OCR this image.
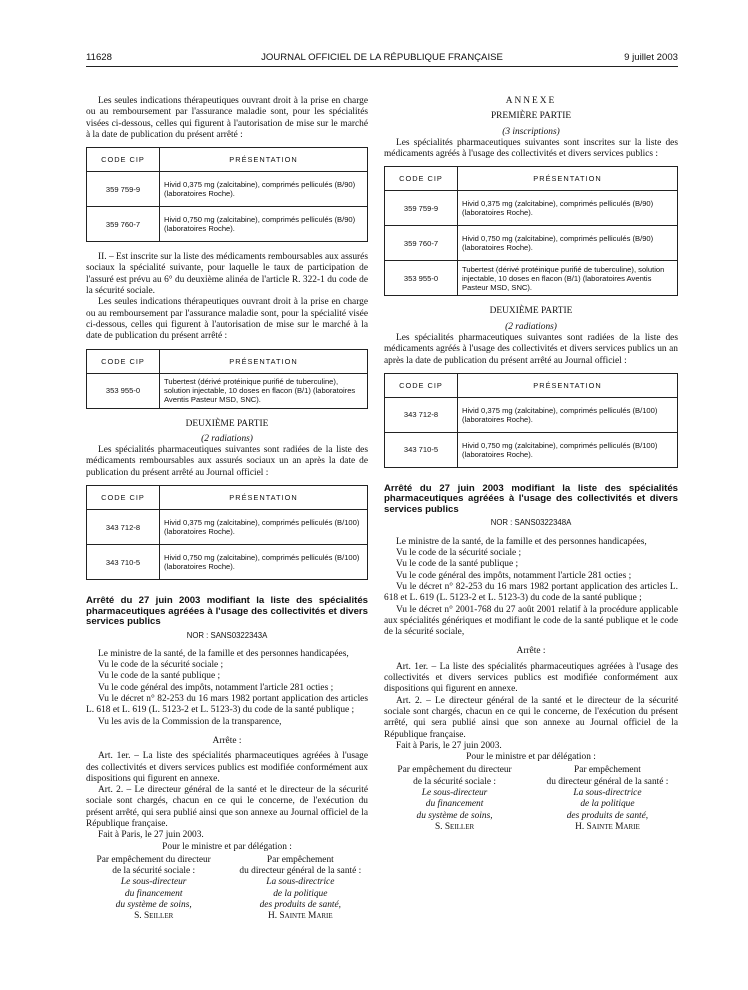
11628	JOURNAL OFFICIEL DE LA RÉPUBLIQUE FRANÇAISE	9 juillet 2003

Les seules indications thérapeutiques ouvrant droit à la prise en charge ou au remboursement par l'assurance maladie sont, pour les spécialités visées ci-dessous, celles qui figurent à l'autorisation de mise sur le marché à la date de publication du présent arrêté :

CODE CIP	PRÉSENTATION
359 759-9	Hivid 0,375 mg (zalcitabine), comprimés pelliculés (B/90) (laboratoires Roche).
359 760-7	Hivid 0,750 mg (zalcitabine), comprimés pelliculés (B/90) (laboratoires Roche).

II. – Est inscrite sur la liste des médicaments remboursables aux assurés sociaux la spécialité suivante, pour laquelle le taux de participation de l'assuré est prévu au 6° du deuxième alinéa de l'article R. 322-1 du code de la sécurité sociale.

Les seules indications thérapeutiques ouvrant droit à la prise en charge ou au remboursement par l'assurance maladie sont, pour la spécialité visée ci-dessous, celles qui figurent à l'autorisation de mise sur le marché à la date de publication du présent arrêté :

CODE CIP	PRÉSENTATION
353 955-0	Tubertest (dérivé protéinique purifié de tuberculine), solution injectable, 10 doses en flacon (B/1) (laboratoires Aventis Pasteur MSD, SNC).

DEUXIÈME PARTIE

(2 radiations)

Les spécialités pharmaceutiques suivantes sont radiées de la liste des médicaments remboursables aux assurés sociaux un an après la date de publication du présent arrêté au Journal officiel :

CODE CIP	PRÉSENTATION
343 712-8	Hivid 0,375 mg (zalcitabine), comprimés pelliculés (B/100) (laboratoires Roche).
343 710-5	Hivid 0,750 mg (zalcitabine), comprimés pelliculés (B/100) (laboratoires Roche).

Arrêté du 27 juin 2003 modifiant la liste des spécialités pharmaceutiques agréées à l'usage des collectivités et divers services publics

NOR : SANS0322343A

Le ministre de la santé, de la famille et des personnes handicapées,

Vu le code de la sécurité sociale ;

Vu le code de la santé publique ;

Vu le code général des impôts, notamment l'article 281 octies ;

Vu le décret n° 82-253 du 16 mars 1982 portant application des articles L. 618 et L. 619 (L. 5123-2 et L. 5123-3) du code de la santé publique ;

Vu les avis de la Commission de la transparence,

Arrête :

Art. 1er. – La liste des spécialités pharmaceutiques agréées à l'usage des collectivités et divers services publics est modifiée conformément aux dispositions qui figurent en annexe.

Art. 2. – Le directeur général de la santé et le directeur de la sécurité sociale sont chargés, chacun en ce qui le concerne, de l'exécution du présent arrêté, qui sera publié ainsi que son annexe au Journal officiel de la République française.

Fait à Paris, le 27 juin 2003.

Pour le ministre et par délégation :

Par empêchement du directeur

de la sécurité sociale :

Le sous-directeur

du financement

du système de soins,

S. Seiller

Par empêchement

du directeur général de la santé :

La sous-directrice

de la politique

des produits de santé,

H. Sainte Marie

ANNEXE

PREMIÈRE PARTIE

(3 inscriptions)

Les spécialités pharmaceutiques suivantes sont inscrites sur la liste des médicaments agréés à l'usage des collectivités et divers services publics :

CODE CIP	PRÉSENTATION
359 759-9	Hivid 0,375 mg (zalcitabine), comprimés pelliculés (B/90) (laboratoires Roche).
359 760-7	Hivid 0,750 mg (zalcitabine), comprimés pelliculés (B/90) (laboratoires Roche).
353 955-0	Tubertest (dérivé protéinique purifié de tuberculine), solution injectable, 10 doses en flacon (B/1) (laboratoires Aventis Pasteur MSD, SNC).

DEUXIÈME PARTIE

(2 radiations)

Les spécialités pharmaceutiques suivantes sont radiées de la liste des médicaments agréés à l'usage des collectivités et divers services publics un an après la date de publication du présent arrêté au Journal officiel :

CODE CIP	PRÉSENTATION
343 712-8	Hivid 0,375 mg (zalcitabine), comprimés pelliculés (B/100) (laboratoires Roche).
343 710-5	Hivid 0,750 mg (zalcitabine), comprimés pelliculés (B/100) (laboratoires Roche).

Arrêté du 27 juin 2003 modifiant la liste des spécialités pharmaceutiques agréées à l'usage des collectivités et divers services publics

NOR : SANS0322348A

Le ministre de la santé, de la famille et des personnes handicapées,

Vu le code de la sécurité sociale ;

Vu le code de la santé publique ;

Vu le code général des impôts, notamment l'article 281 octies ;

Vu le décret n° 82-253 du 16 mars 1982 portant application des articles L. 618 et L. 619 (L. 5123-2 et L. 5123-3) du code de la santé publique ;

Vu le décret n° 2001-768 du 27 août 2001 relatif à la procédure applicable aux spécialités génériques et modifiant le code de la santé publique et le code de la sécurité sociale,

Arrête :

Art. 1er. – La liste des spécialités pharmaceutiques agréées à l'usage des collectivités et divers services publics est modifiée conformément aux dispositions qui figurent en annexe.

Art. 2. – Le directeur général de la santé et le directeur de la sécurité sociale sont chargés, chacun en ce qui le concerne, de l'exécution du présent arrêté, qui sera publié ainsi que son annexe au Journal officiel de la République française.

Fait à Paris, le 27 juin 2003.

Pour le ministre et par délégation :

Par empêchement du directeur

de la sécurité sociale :

Le sous-directeur

du financement

du système de soins,

S. Seiller

Par empêchement

du directeur général de la santé :

La sous-directrice

de la politique

des produits de santé,

H. Sainte Marie
